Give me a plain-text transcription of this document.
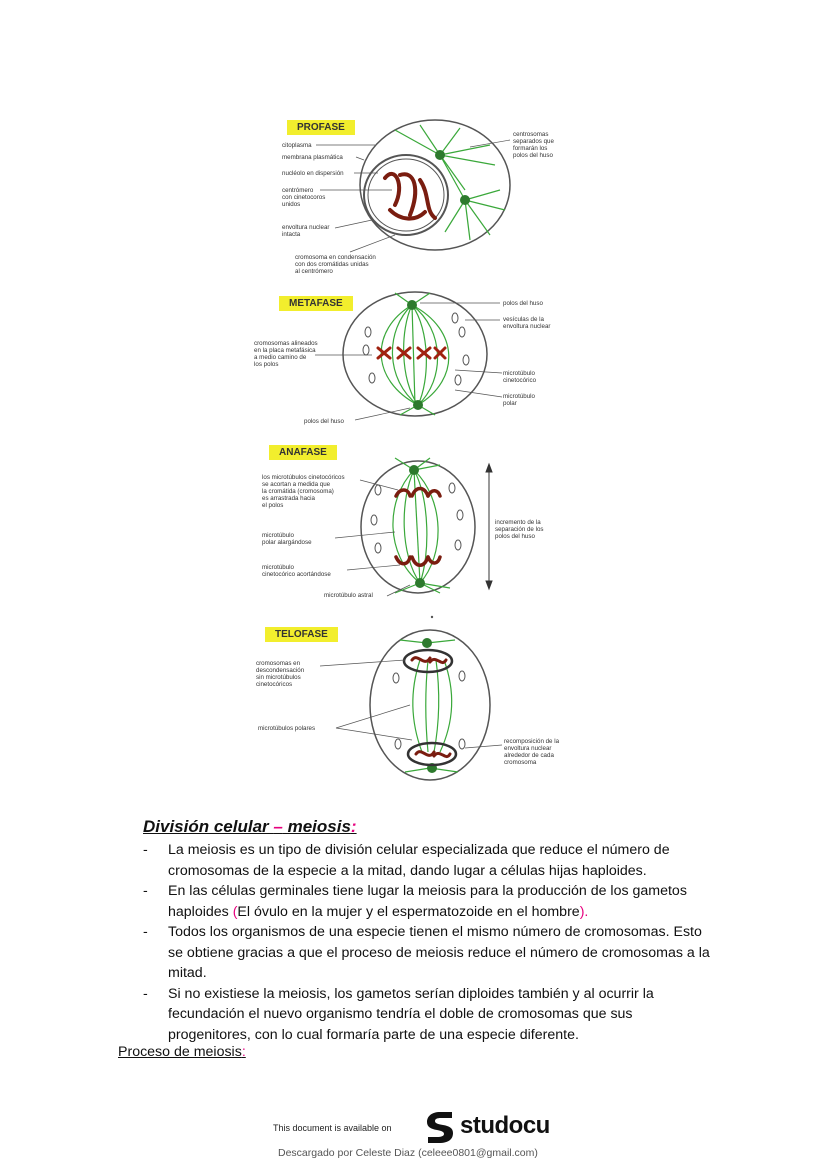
PROFASE
citoplasma
membrana plasmática
nucléolo en dispersión
centrómero
con cinetocoros
unidos
envoltura nuclear
intacta
cromosoma en condensación
con dos cromátidas unidas
al centrómero
centrosomas
separados que
formarán los
polos del huso
METAFASE	polos del huso
vesículas de la
envoltura nuclear
cromosomas alineados
en la placa metafásica
a medio camino de
los polos
microtúbulo
cinetocórico
microtúbulo
polar
polos del huso
ANAFASE
los microtúbulos cinetocóricos
se acortan a medida que
la cromátida (cromosoma)
es arrastrada hacia
el polos
microtúbulo
polar alargándose
microtúbulo
cinetocórico acortándose
microtúbulo astral
incremento de la
separación de los
polos del huso
TELOFASE
cromosomas en
descondensación
sin microtúbulos
cinetocóricos
microtúbulos polares
recomposición de la
envoltura nuclear
alrededor de cada
cromosoma
División celular – meiosis:
- La meiosis es un tipo de división celular especializada que reduce el número de cromosomas de la especie a la mitad, dando lugar a células hijas haploides.
- En las células germinales tiene lugar la meiosis para la producción de los gametos haploides (El óvulo en la mujer y el espermatozoide en el hombre).
- Todos los organismos de una especie tienen el mismo número de cromosomas. Esto se obtiene gracias a que el proceso de meiosis reduce el número de cromosomas a la mitad.
- Si no existiese la meiosis, los gametos serían diploides también y al ocurrir la fecundación el nuevo organismo tendría el doble de cromosomas que sus progenitores, con lo cual formaría parte de una especie diferente.
Proceso de meiosis:
This document is available on	studocu
Descargado por Celeste Diaz (celeee0801@gmail.com)
